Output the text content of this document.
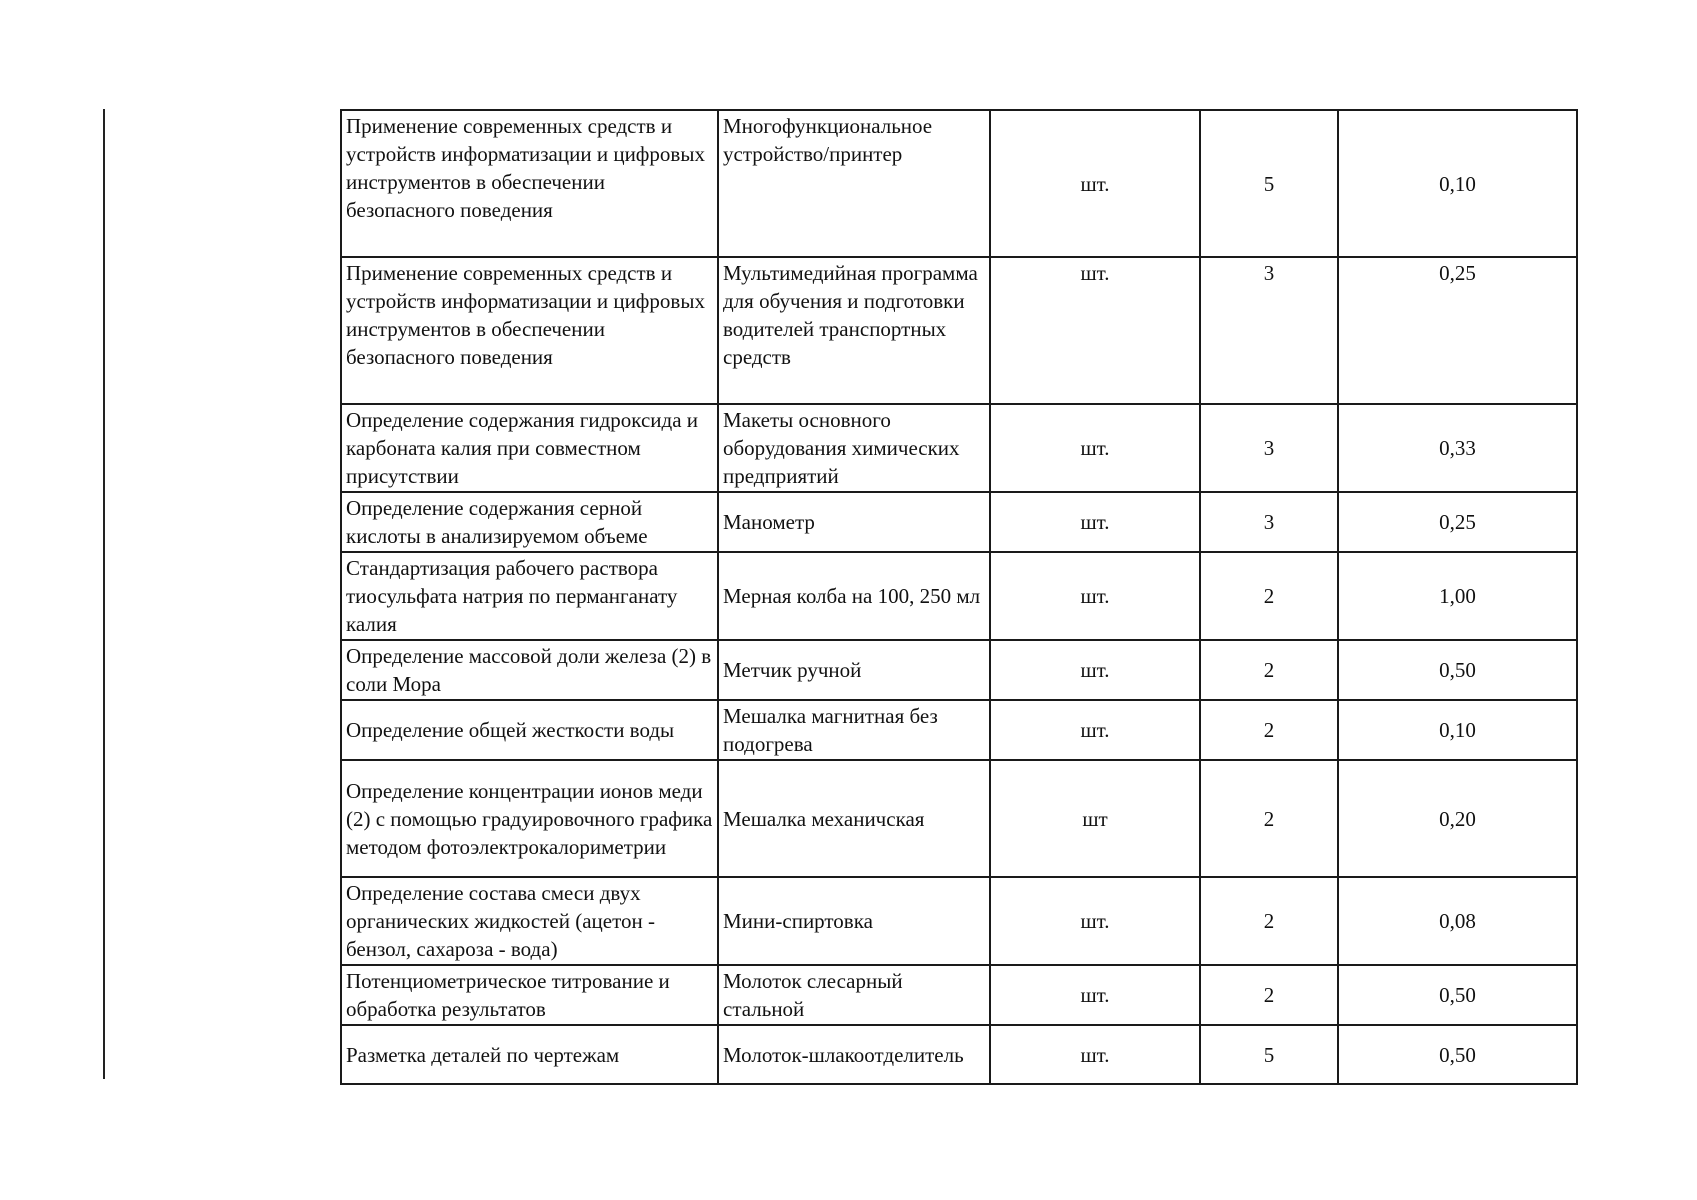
Применение современных средств и устройств информатизации и цифровых инструментов в обеспечении безопасного поведения	Многофункциональное устройство/принтер	шт.	5	0,10
Применение современных средств и устройств информатизации и цифровых инструментов в обеспечении безопасного поведения	Мультимедийная программа для обучения и подготовки водителей транспортных средств	шт.	3	0,25
Определение содержания гидроксида и карбоната калия при совместном присутствии	Макеты основного оборудования химических предприятий	шт.	3	0,33
Определение содержания серной кислоты в анализируемом объеме	Манометр	шт.	3	0,25
Стандартизация рабочего раствора тиосульфата натрия по перманганату калия	Мерная колба на 100, 250 мл	шт.	2	1,00
Определение массовой доли железа (2) в соли Мора	Метчик ручной	шт.	2	0,50
Определение общей жесткости воды	Мешалка магнитная без подогрева	шт.	2	0,10
Определение концентрации ионов меди (2) с помощью градуировочного графика методом фотоэлектрокалориметрии	Мешалка механичская	шт	2	0,20
Определение состава смеси двух органических жидкостей (ацетон - бензол, сахароза - вода)	Мини-спиртовка	шт.	2	0,08
Потенциометрическое титрование и обработка результатов	Молоток слесарный стальной	шт.	2	0,50
Разметка деталей по чертежам	Молоток-шлакоотделитель	шт.	5	0,50
